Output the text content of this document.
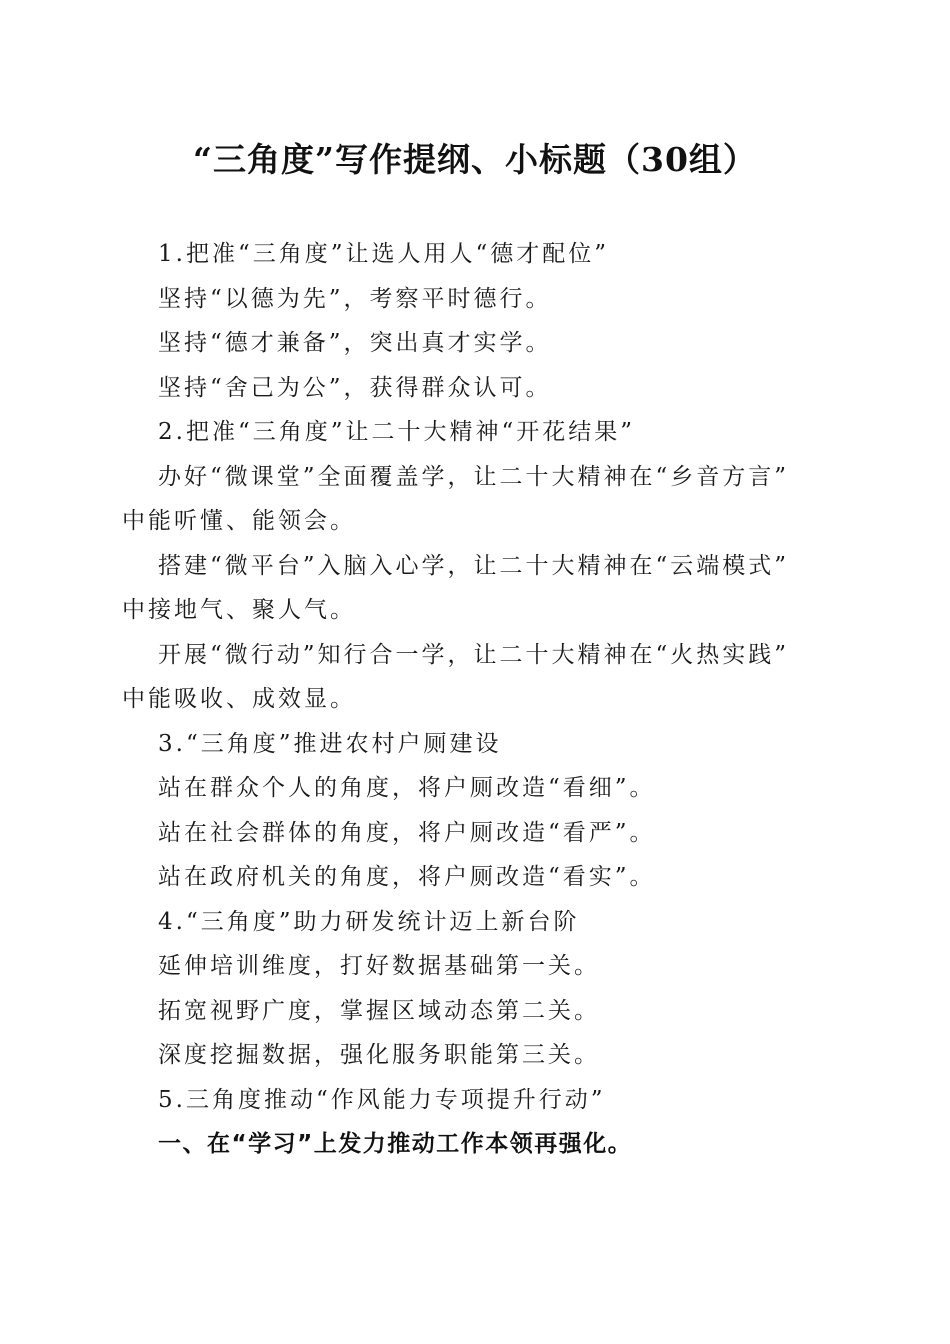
“三角度”写作提纲、小标题（30组）
1.把准“三角度”让选人用人“德才配位”
坚持“以德为先”，考察平时德行。
坚持“德才兼备”，突出真才实学。
坚持“舍己为公”，获得群众认可。
2.把准“三角度”让二十大精神“开花结果”
办好“微课堂”全面覆盖学，让二十大精神在“乡音方言”
中能听懂、能领会。
搭建“微平台”入脑入心学，让二十大精神在“云端模式”
中接地气、聚人气。
开展“微行动”知行合一学，让二十大精神在“火热实践”
中能吸收、成效显。
3.“三角度”推进农村户厕建设
站在群众个人的角度，将户厕改造“看细”。
站在社会群体的角度，将户厕改造“看严”。
站在政府机关的角度，将户厕改造“看实”。
4.“三角度”助力研发统计迈上新台阶
延伸培训维度，打好数据基础第一关。
拓宽视野广度，掌握区域动态第二关。
深度挖掘数据，强化服务职能第三关。
5.三角度推动“作风能力专项提升行动”
一、在“学习”上发力推动工作本领再强化。
